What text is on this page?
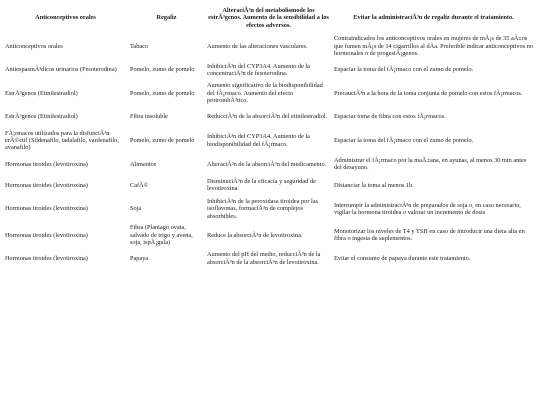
Anticonceptivos orales	Regaliz	AlteraciÃ³n del metabolismode los estrÃ³genos. Aumento de la sensibilidad a los efectos adversos.	Evitar la administraciÃ³n de regaliz durante el tratamiento.
Anticonceptivos orales	Tabaco	Aumento de las alteraciones vasculares.	Contraindicados los anticonceptivos orales en mujeres de mÃ¡s de 35 aÃ±os que fumen mÃ¡s de 14 cigarrillos al dÃa. Preferible indicar anticonceptivos no hormonales o de progestÃ¡genos.
AntiespasmÃ³dicos urinarios (Fesoterodina)	Pomelo, zumo de pomelo	InhibiciÃ³n del CYP3A4. Aumento de la concentraciÃ³n de fesoterodina.	Espaciar la toma del fÃ¡rmaco con el zumo de pomelo.
EstrÃ³genos (Etinilestradiol)	Pomelo, zumo de pomelo	Aumento significativo de la biodisponibilidad del fÃ¡rmaco. Aumento del efecto protrombÃ³tico.	PrecauciÃ³n a la hora de la toma conjunta de pomelo con estos fÃ¡rmacos.
EstrÃ³genos (Etinilestradiol)	Fibra insoluble	ReducciÃ³n de la absorciÃ³n del etinilestradiol.	Espaciar toma de fibra con estos fÃ¡rmacos.
FÃ¡rmacos utilizados para la disfunciÃ³n erÃ©ctil (Sildenafilo, tadalafilo, vardenafilo, avanafilo)	Pomelo, zumo de pomelo	InhibiciÃ³n del CYP3A4. Aumento de la biodisponibilidad del fÃ¡rmaco.	Espaciar la toma del fÃ¡rmaco con el zumo de pomelo.
Hormonas tiroides (levotiroxina)	Alimentos	AlteraciÃ³n de la absorciÃ³n del medicamento.	Administrar el fÃ¡rmaco por la maÃ±ana, en ayunas, al menos 30 min antes del desayuno.
Hormonas tiroides (levotiroxina)	CafÃ©	DisminuciÃ³n de la eficacia y seguridad de levotiroxina.	Distanciar la toma al menos 1h.
Hormonas tiroides (levotiroxina)	Soja	InhibiciÃ³n de la peroxidasa tiroidea por las isoflavonas, formaciÃ³n de complejos absorbibles.	Interrumpir la administraciÃ³n de preparados de soja o, en caso necesario, vigilar la hormona tiroidea o valorar un incremento de dosis
Hormonas tiroides (levotiroxina)	Fibra (Plantago ovata, salvado de trigo y avena, soja, ispÃ¡gula)	Reduce la absorciÃ³n de levotiroxina.	Monotorizar los niveles de T4 y TSH en caso de introducir una dieta alta en fibra o ingesta de suplementos.
Hormonas tiroides (levotiroxina)	Papaya	Aumento del pH del medio, reducciÃ³n de la absorciÃ³n de la absorciÃ³n de levotiroxina.	Evitar el consumo de papaya durante este tratamiento.
